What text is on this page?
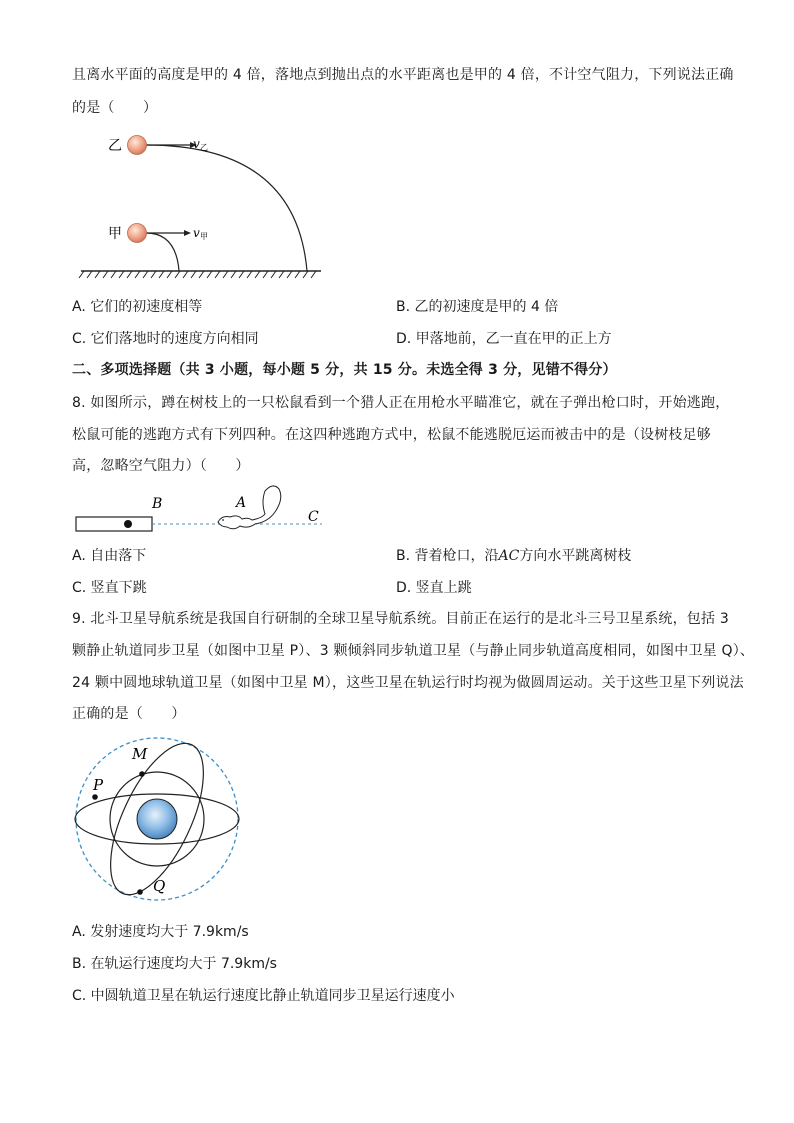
且离水平面的高度是甲的 4 倍，落地点到抛出点的水平距离也是甲的 4 倍，不计空气阻力，下列说法正确
的是（　　）
乙
甲
v 乙
v 甲
A. 它们的初速度相等	B. 乙的初速度是甲的 4 倍
C. 它们落地时的速度方向相同	D. 甲落地前，乙一直在甲的正上方
二、多项选择题（共 3 小题，每小题 5 分，共 15 分。未选全得 3 分，见错不得分）
8. 如图所示，蹲在树枝上的一只松鼠看到一个猎人正在用枪水平瞄准它，就在子弹出枪口时，开始逃跑，
松鼠可能的逃跑方式有下列四种。在这四种逃跑方式中，松鼠不能逃脱厄运而被击中的是（设树枝足够
高，忽略空气阻力）（　　）
B	A
C
A. 自由落下	B. 背着枪口，沿AC方向水平跳离树枝
C. 竖直下跳	D. 竖直上跳
9. 北斗卫星导航系统是我国自行研制的全球卫星导航系统。目前正在运行的是北斗三号卫星系统，包括 3
颗静止轨道同步卫星（如图中卫星 P）、3 颗倾斜同步轨道卫星（与静止同步轨道高度相同，如图中卫星 Q）、
24 颗中圆地球轨道卫星（如图中卫星 M），这些卫星在轨运行时均视为做圆周运动。关于这些卫星下列说法
正确的是（　　）
M
P
Q
A. 发射速度均大于 7.9km/s
B. 在轨运行速度均大于 7.9km/s
C. 中圆轨道卫星在轨运行速度比静止轨道同步卫星运行速度小
